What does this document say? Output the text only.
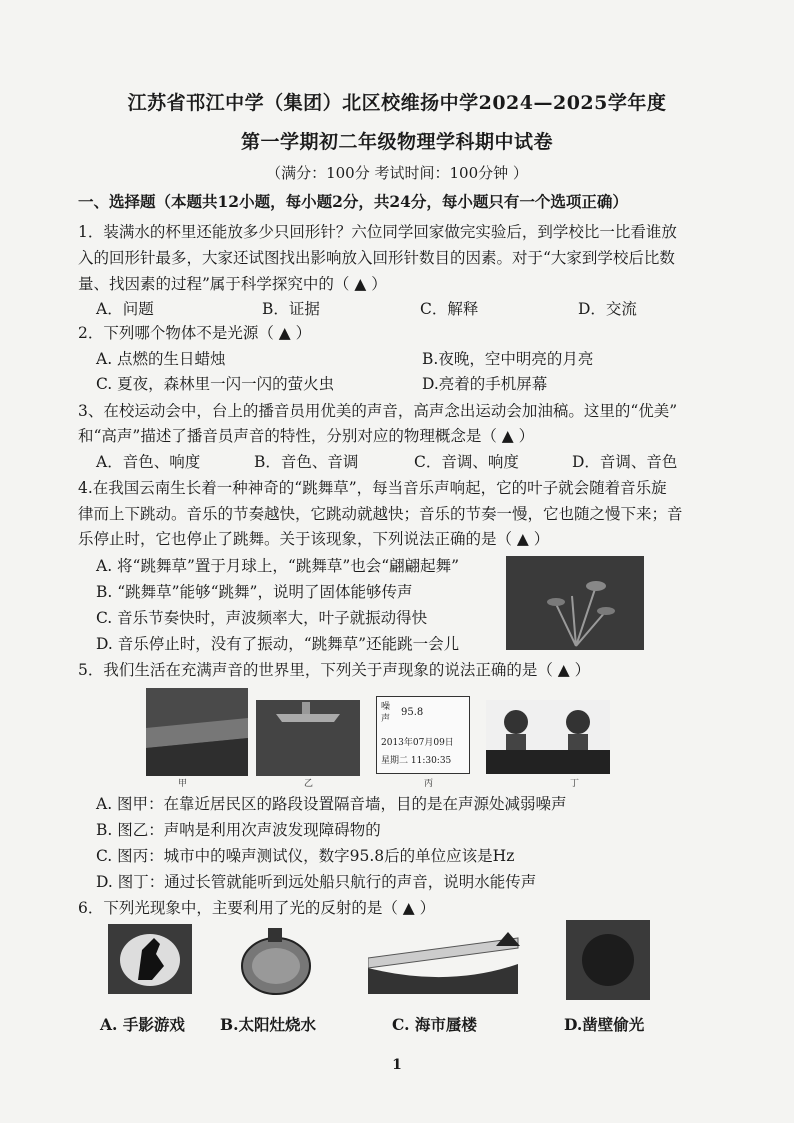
江苏省邗江中学（集团）北区校维扬中学2024—2025学年度
第一学期初二年级物理学科期中试卷
（满分：100分 考试时间：100分钟 ）
一、选择题（本题共12小题，每小题2分，共24分，每小题只有一个选项正确）
1．装满水的杯里还能放多少只回形针？六位同学回家做完实验后，到学校比一比看谁放
入的回形针最多，大家还试图找出影响放入回形针数目的因素。对于“大家到学校后比数
量、找因素的过程”属于科学探究中的（ ▲ ）
A．问题	B．证据	C．解释	D．交流
2．下列哪个物体不是光源（ ▲ ）
A. 点燃的生日蜡烛	B.夜晚，空中明亮的月亮
C. 夏夜，森林里一闪一闪的萤火虫	D.亮着的手机屏幕
3、在校运动会中，台上的播音员用优美的声音，高声念出运动会加油稿。这里的“优美”
和“高声”描述了播音员声音的特性，分别对应的物理概念是（ ▲ ）
A．音色、响度	B．音色、音调	C．音调、响度	D．音调、音色
4.在我国云南生长着一种神奇的“跳舞草”，每当音乐声响起，它的叶子就会随着音乐旋
律而上下跳动。音乐的节奏越快，它跳动就越快；音乐的节奏一慢，它也随之慢下来；音
乐停止时，它也停止了跳舞。关于该现象，下列说法正确的是（ ▲ ）
A. 将“跳舞草”置于月球上，“跳舞草”也会“翩翩起舞”
B. “跳舞草”能够“跳舞”，说明了固体能够传声
C. 音乐节奏快时，声波频率大，叶子就振动得快
D. 音乐停止时，没有了振动，“跳舞草”还能跳一会儿
5．我们生活在充满声音的世界里，下列关于声现象的说法正确的是（ ▲ ）
噪
声
95.8
2013年07月09日
星期二 11:30:35
甲	乙	丙	丁
A. 图甲：在靠近居民区的路段设置隔音墙，目的是在声源处减弱噪声
B. 图乙：声呐是利用次声波发现障碍物的
C. 图丙：城市中的噪声测试仪，数字95.8后的单位应该是Hz
D. 图丁：通过长管就能听到远处船只航行的声音，说明水能传声
6．下列光现象中，主要利用了光的反射的是（ ▲ ）
A. 手影游戏 B.太阳灶烧水	C. 海市蜃楼	D.凿壁偷光
1
